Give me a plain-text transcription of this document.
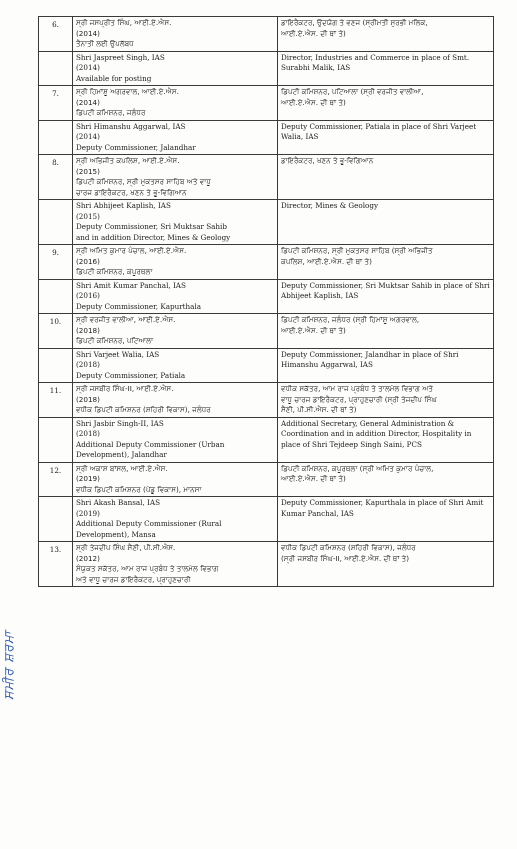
6.	ਸ੍ਰੀ ਜਸਪ੍ਰੀਤ ਸਿੰਘ, ਆਈ.ਏ.ਐਸ.
(2014)
ਤੈਨਾਤੀ ਲਈ ਉਪਲੱਬਧ	ਡਾਇਰੈਕਟਰ, ਉਦਯੋਗ ਤੇ ਵਣਜ (ਸ੍ਰੀਮਤੀ ਸੁਰਭੀ ਮਲਿਕ,
ਆਈ.ਏ.ਐਸ. ਦੀ ਥਾਂ ਤੇ)

	Shri Jaspreet Singh, IAS
(2014)
Available for posting	Director, Industries and Commerce in place of Smt. Surabhi Malik, IAS

7.	ਸ੍ਰੀ ਹਿਮਾਂਸ਼ੂ ਅਗਰਵਾਲ, ਆਈ.ਏ.ਐਸ.
(2014)
ਡਿਪਟੀ ਕਮਿਸ਼ਨਰ, ਜਲੰਧਰ	ਡਿਪਟੀ ਕਮਿਸ਼ਨਰ, ਪਟਿਆਲਾ (ਸ੍ਰੀ ਵਰਜੀਤ ਵਾਲੀਆ,
ਆਈ.ਏ.ਐਸ. ਦੀ ਥਾਂ ਤੇ)

	Shri Himanshu Aggarwal, IAS
(2014)
Deputy Commissioner, Jalandhar	Deputy Commissioner, Patiala in place of Shri Varjeet Walia, IAS

8.	ਸ੍ਰੀ ਅਭਿਜੀਤ ਕਪਲਿਸ਼, ਆਈ.ਏ.ਐਸ.
(2015)
ਡਿਪਟੀ ਕਮਿਸ਼ਨਰ, ਸ੍ਰੀ ਮੁਕਤਸਰ ਸਾਹਿਬ ਅਤੇ ਵਾਧੂ
ਚਾਰਜ ਡਾਇਰੈਕਟਰ, ਖਣਨ ਤੇ ਭੂ-ਵਿਗਿਆਨ	ਡਾਇਰੈਕਟਰ, ਖਣਨ ਤੇ ਭੂ-ਵਿਗਿਆਨ

	Shri Abhijeet Kaplish, IAS
(2015)
Deputy Commissioner, Sri Muktsar Sahib
and in addition Director, Mines & Geology	Director, Mines & Geology

9.	ਸ੍ਰੀ ਅਮਿਤ ਕੁਮਾਰ ਪੰਚਾਲ, ਆਈ.ਏ.ਐਸ.
(2016)
ਡਿਪਟੀ ਕਮਿਸ਼ਨਰ, ਕਪੂਰਥਲਾ	ਡਿਪਟੀ ਕਮਿਸ਼ਨਰ, ਸ੍ਰੀ ਮੁਕਤਸਰ ਸਾਹਿਬ (ਸ੍ਰੀ ਅਭਿਜੀਤ
ਕਪਲਿਸ਼, ਆਈ.ਏ.ਐਸ. ਦੀ ਥਾਂ ਤੇ)

	Shri Amit Kumar Panchal, IAS
(2016)
Deputy Commissioner, Kapurthala	Deputy Commissioner, Sri Muktsar Sahib in place of Shri Abhijeet Kaplish, IAS

10.	ਸ੍ਰੀ ਵਰਜੀਤ ਵਾਲੀਆ, ਆਈ.ਏ.ਐਸ.
(2018)
ਡਿਪਟੀ ਕਮਿਸ਼ਨਰ, ਪਟਿਆਲਾ	ਡਿਪਟੀ ਕਮਿਸ਼ਨਰ, ਜਲੰਧਰ (ਸ੍ਰੀ ਹਿਮਾਂਸ਼ੂ ਅਗਰਵਾਲ,
ਆਈ.ਏ.ਐਸ. ਦੀ ਥਾਂ ਤੇ)

	Shri Varjeet Walia, IAS
(2018)
Deputy Commissioner, Patiala	Deputy Commissioner, Jalandhar in place of Shri Himanshu Aggarwal, IAS

11.	ਸ੍ਰੀ ਜਸਬੀਰ ਸਿੰਘ-II, ਆਈ.ਏ.ਐਸ.
(2018)
ਵਧੀਕ ਡਿਪਟੀ ਕਮਿਸ਼ਨਰ (ਸ਼ਹਿਰੀ ਵਿਕਾਸ), ਜਲੰਧਰ	ਵਧੀਕ ਸਕੱਤਰ, ਆਮ ਰਾਜ ਪ੍ਰਬੰਧ ਤੇ ਤਾਲਮੇਲ ਵਿਭਾਗ ਅਤੇ
ਵਾਧੂ ਚਾਰਜ ਡਾਇਰੈਕਟਰ, ਪ੍ਰਾਹੁਣਚਾਰੀ (ਸ੍ਰੀ ਤੇਜਦੀਪ ਸਿੰਘ
ਸੈਣੀ, ਪੀ.ਸੀ.ਐਸ. ਦੀ ਥਾਂ ਤੇ)

	Shri Jasbir Singh-II, IAS
(2018)
Additional Deputy Commissioner (Urban Development), Jalandhar	Additional Secretary, General Administration & Coordination and in addition Director, Hospitality in place of Shri Tejdeep Singh Saini, PCS

12.	ਸ੍ਰੀ ਅਕਾਸ਼ ਬਾਂਸਲ, ਆਈ.ਏ.ਐਸ.
(2019)
ਵਧੀਕ ਡਿਪਟੀ ਕਮਿਸ਼ਨਰ (ਪੇਂਡੂ ਵਿਕਾਸ), ਮਾਨਸਾ	ਡਿਪਟੀ ਕਮਿਸ਼ਨਰ, ਕਪੂਰਥਲਾ (ਸ੍ਰੀ ਅਮਿਤ ਕੁਮਾਰ ਪੰਚਾਲ,
ਆਈ.ਏ.ਐਸ. ਦੀ ਥਾਂ ਤੇ)

	Shri Akash Bansal, IAS
(2019)
Additional Deputy Commissioner (Rural Development), Mansa	Deputy Commissioner, Kapurthala in place of Shri Amit Kumar Panchal, IAS

13.	ਸ੍ਰੀ ਤੇਜਦੀਪ ਸਿੰਘ ਸੈਣੀ, ਪੀ.ਸੀ.ਐਸ.
(2012)
ਸੰਯੁਕਤ ਸਕੱਤਰ, ਆਮ ਰਾਜ ਪ੍ਰਬੰਧ ਤੇ ਤਾਲਮੇਲ ਵਿਭਾਗ
ਅਤੇ ਵਾਧੂ ਚਾਰਜ ਡਾਇਰੈਕਟਰ, ਪ੍ਰਾਹੁਣਚਾਰੀ	ਵਧੀਕ ਡਿਪਟੀ ਕਮਿਸ਼ਨਰ (ਸ਼ਹਿਰੀ ਵਿਕਾਸ), ਜਲੰਧਰ
(ਸ੍ਰੀ ਜਸਬੀਰ ਸਿੰਘ-II, ਆਈ.ਏ.ਐਸ. ਦੀ ਥਾਂ ਤੇ)
ਸਮੀਰ ਸ਼ਰਮਾ
